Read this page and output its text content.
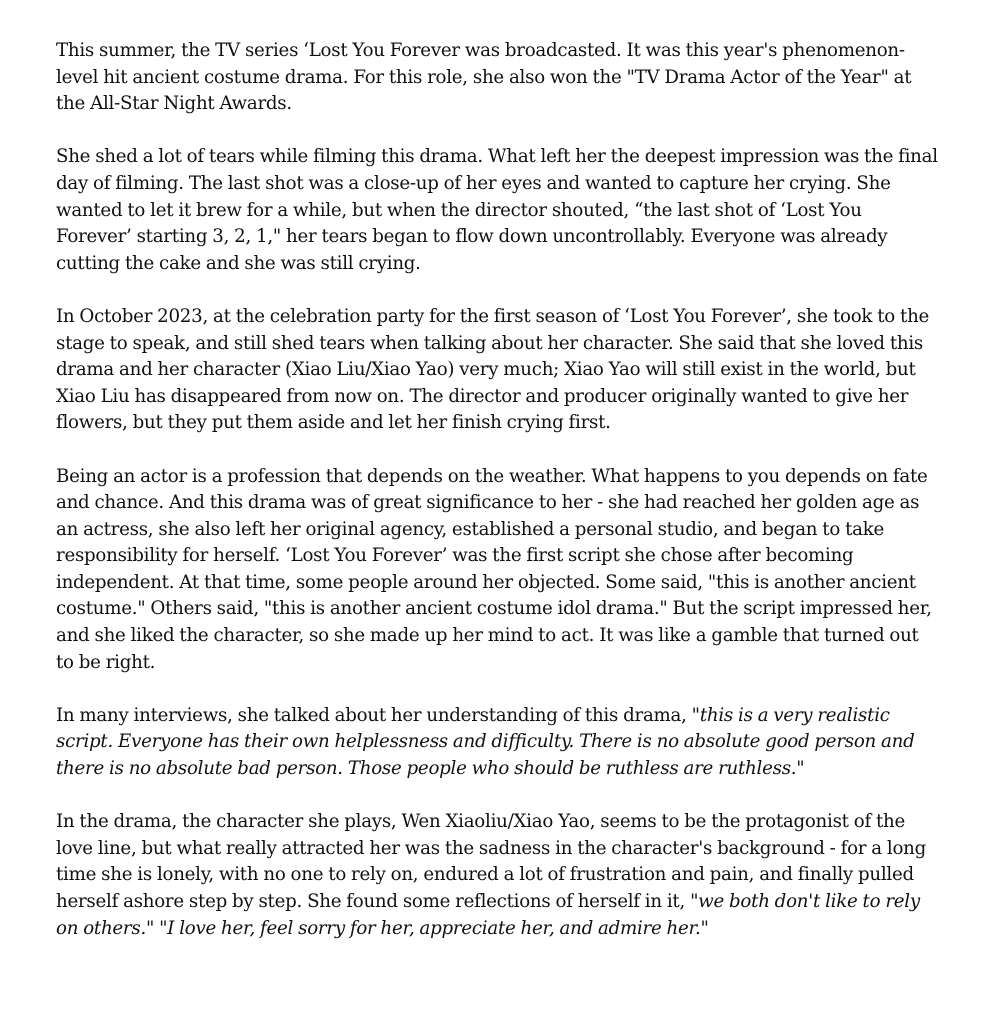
This summer, the TV series ‘Lost You Forever was broadcasted. It was this year's phenomenon-level hit ancient costume drama. For this role, she also won the "TV Drama Actor of the Year" at the All-Star Night Awards.

She shed a lot of tears while filming this drama. What left her the deepest impression was the final day of filming. The last shot was a close-up of her eyes and wanted to capture her crying. She wanted to let it brew for a while, but when the director shouted, “the last shot of ‘Lost You Forever’ starting 3, 2, 1," her tears began to flow down uncontrollably. Everyone was already cutting the cake and she was still crying.

In October 2023, at the celebration party for the first season of ‘Lost You Forever’, she took to the stage to speak, and still shed tears when talking about her character. She said that she loved this drama and her character (Xiao Liu/Xiao Yao) very much; Xiao Yao will still exist in the world, but Xiao Liu has disappeared from now on. The director and producer originally wanted to give her flowers, but they put them aside and let her finish crying first.

Being an actor is a profession that depends on the weather. What happens to you depends on fate and chance. And this drama was of great significance to her - she had reached her golden age as an actress, she also left her original agency, established a personal studio, and began to take responsibility for herself. ‘Lost You Forever’ was the first script she chose after becoming independent. At that time, some people around her objected. Some said, "this is another ancient costume." Others said, "this is another ancient costume idol drama." But the script impressed her, and she liked the character, so she made up her mind to act. It was like a gamble that turned out to be right.

In many interviews, she talked about her understanding of this drama, "this is a very realistic script. Everyone has their own helplessness and difficulty. There is no absolute good person and there is no absolute bad person. Those people who should be ruthless are ruthless."

In the drama, the character she plays, Wen Xiaoliu/Xiao Yao, seems to be the protagonist of the love line, but what really attracted her was the sadness in the character's background - for a long time she is lonely, with no one to rely on, endured a lot of frustration and pain, and finally pulled herself ashore step by step. She found some reflections of herself in it, "we both don't like to rely on others." "I love her, feel sorry for her, appreciate her, and admire her."
